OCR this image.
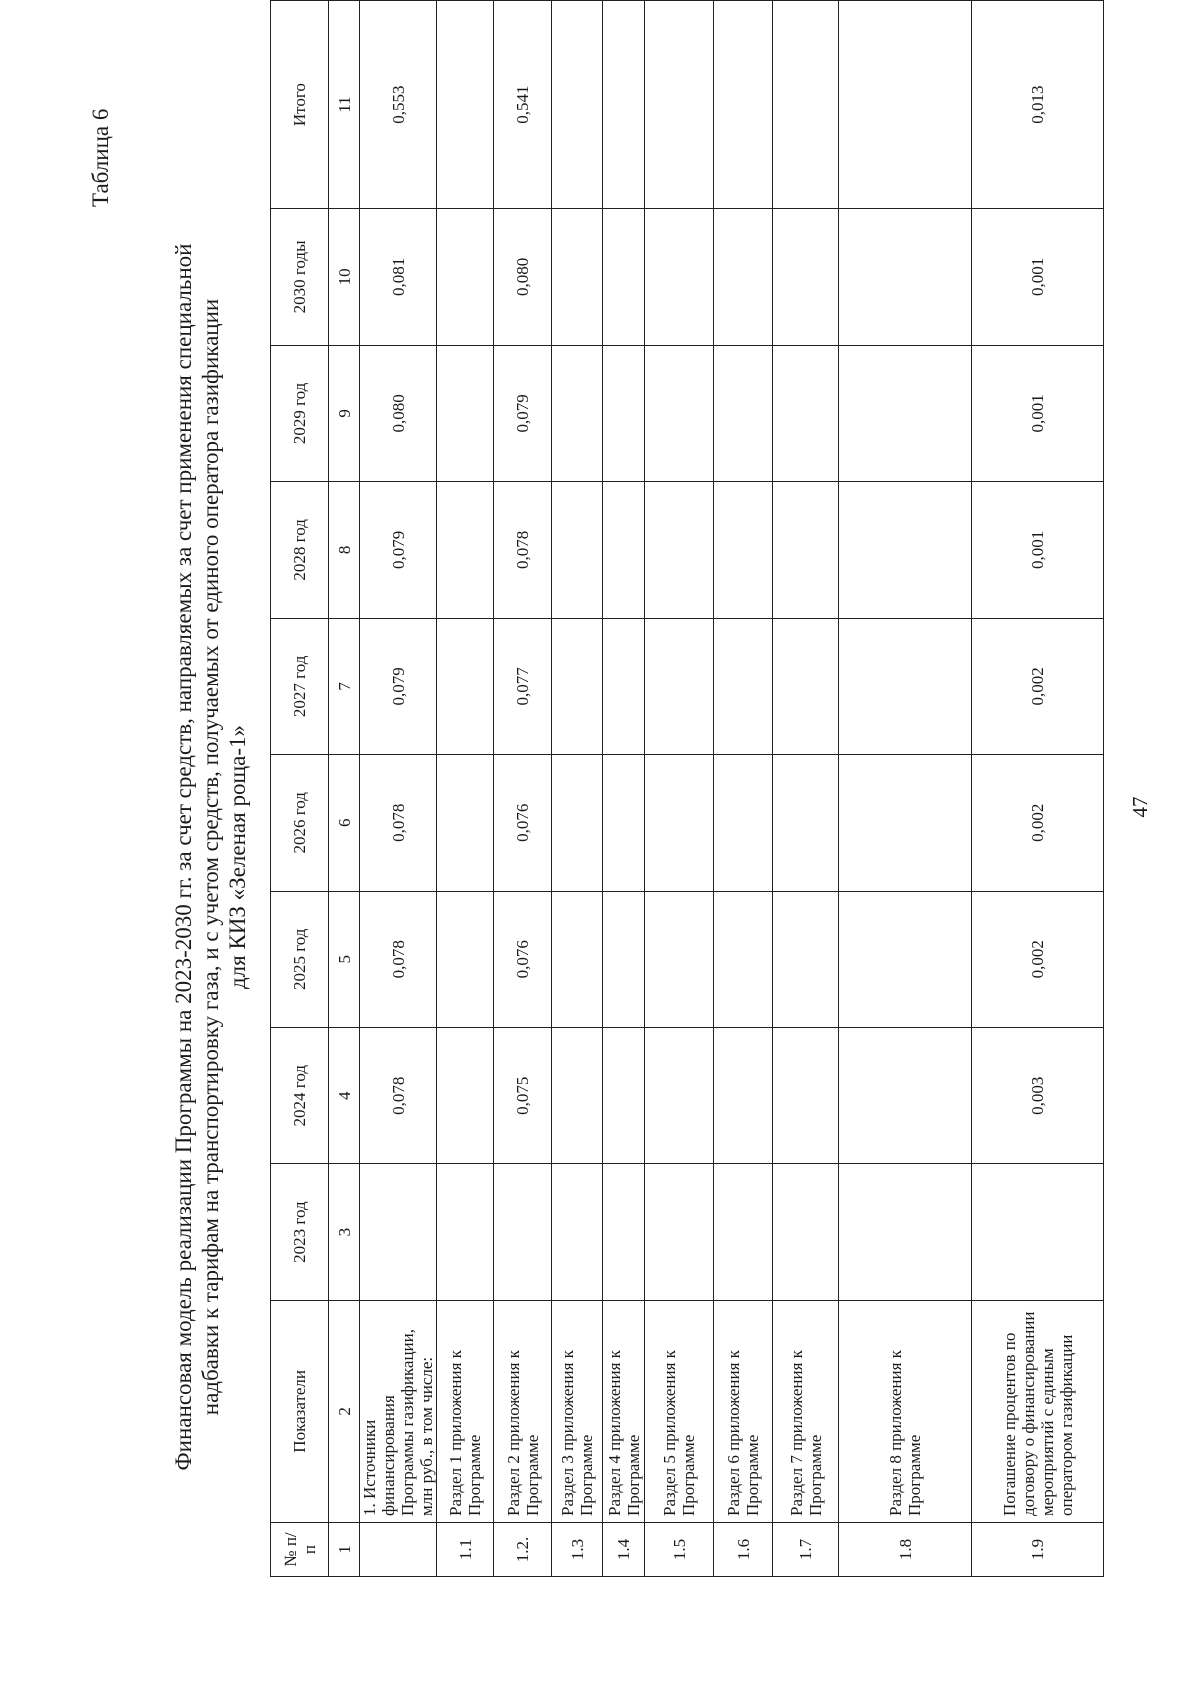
47
Таблица 6
Финансовая модель реализации Программы на 2023-2030 гг. за счет средств, направляемых за счет применения специальной надбавки к тарифам на транспортировку газа, и с учетом средств, получаемых от единого оператора газификации для КИЗ «Зеленая роща-1»
№ п/п	Показатели	2023 год	2024 год	2025 год	2026 год	2027 год	2028 год	2029 год	2030 годы	Итого
1	2	3	4	5	6	7	8	9	10	11
	1. Источники финансирования Программы газификации, млн руб., в том числе:		0,078	0,078	0,078	0,079	0,079	0,080	0,081	0,553
1.1	Раздел 1 приложения к Программе									
1.2.	Раздел 2 приложения к Программе		0,075	0,076	0,076	0,077	0,078	0,079	0,080	0,541
1.3	Раздел 3 приложения к Программе									
1.4	Раздел 4 приложения к Программе									
1.5	Раздел 5 приложения к Программе									
1.6	Раздел 6 приложения к Программе									
1.7	Раздел 7 приложения к Программе									
1.8	Раздел 8 приложения к Программе									
1.9	Погашение процентов по договору о финансировании мероприятий с единым оператором газификации		0,003	0,002	0,002	0,002	0,001	0,001	0,001	0,013
